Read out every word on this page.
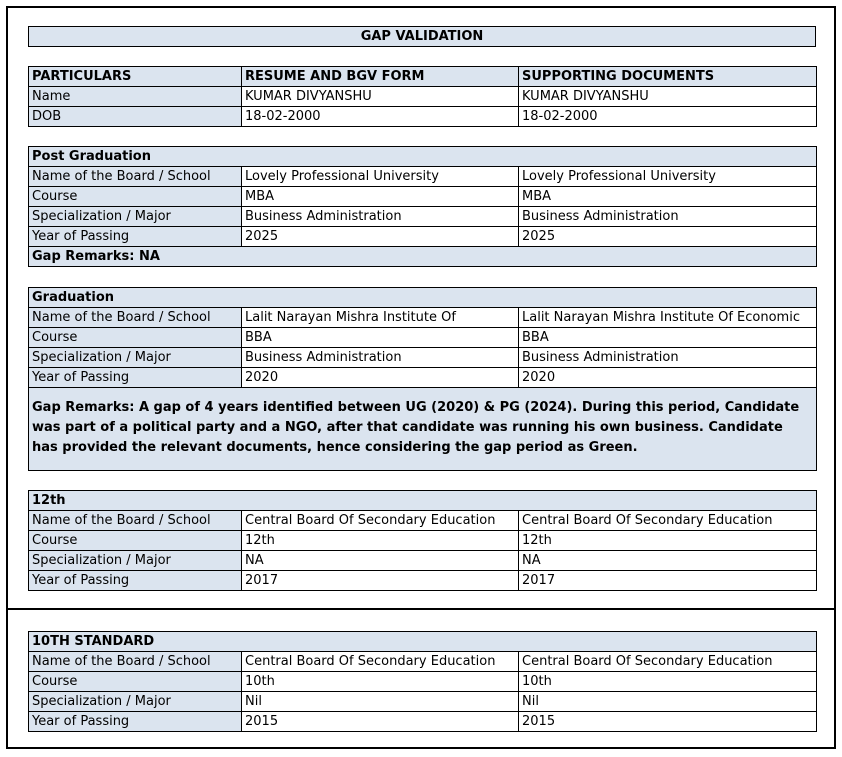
GAP VALIDATION
PARTICULARS	RESUME AND BGV FORM	SUPPORTING DOCUMENTS
Name	KUMAR DIVYANSHU	KUMAR DIVYANSHU
DOB	18-02-2000	18-02-2000
Post Graduation		
Name of the Board / School	Lovely Professional University	Lovely Professional University
Course	MBA	MBA
Specialization / Major	Business Administration	Business Administration
Year of Passing	2025	2025
Gap Remarks: NA		
Graduation		
Name of the Board / School	Lalit Narayan Mishra Institute Of	Lalit Narayan Mishra Institute Of Economic
Course	BBA	BBA
Specialization / Major	Business Administration	Business Administration
Year of Passing	2020	2020
Gap Remarks: A gap of 4 years identified between UG (2020) & PG (2024). During this period, Candidate was part of a political party and a NGO, after that candidate was running his own business. Candidate has provided the relevant documents, hence considering the gap period as Green.		
12th		
Name of the Board / School	Central Board Of Secondary Education	Central Board Of Secondary Education
Course	12th	12th
Specialization / Major	NA	NA
Year of Passing	2017	2017
10TH STANDARD		
Name of the Board / School	Central Board Of Secondary Education	Central Board Of Secondary Education
Course	10th	10th
Specialization / Major	Nil	Nil
Year of Passing	2015	2015
